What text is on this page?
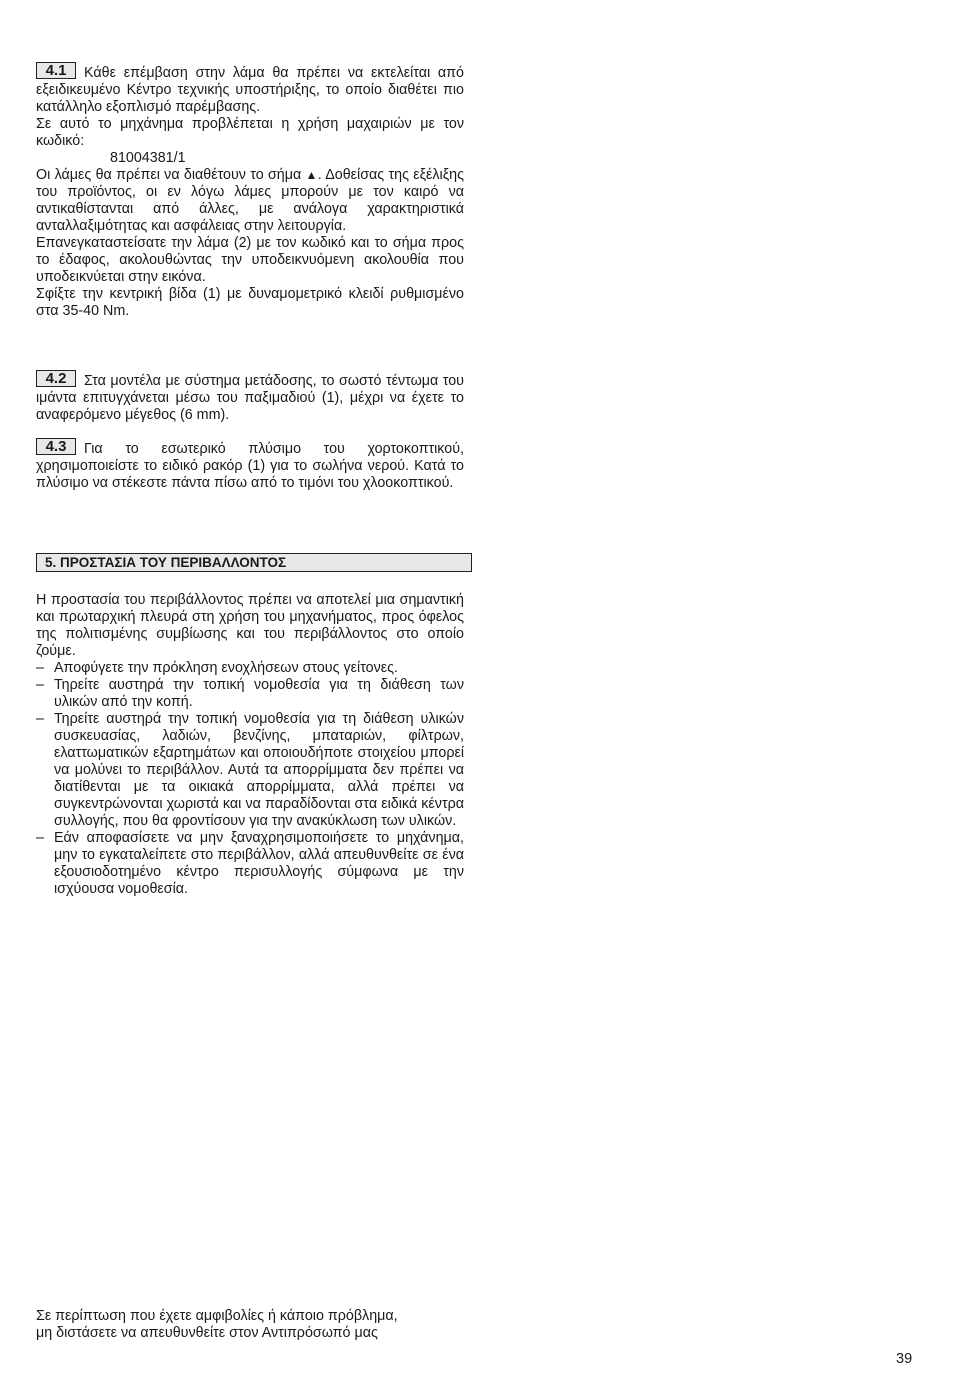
4.1 Κάθε επέμβαση στην λάμα θα πρέπει να εκτελείται από εξειδικευμένο Κέντρο τεχνικής υποστήριξης, το οποίο διαθέτει πιο κατάλληλο εξοπλισμό παρέμβασης.

Σε αυτό το μηχάνημα προβλέπεται η χρήση μαχαιριών με τον κωδικό:

81004381/1

Οι λάμες θα πρέπει να διαθέτουν το σήμα ▲. Δοθείσας της εξέλιξης του προϊόντος, οι εν λόγω λάμες μπορούν με τον καιρό να αντικαθίστανται από άλλες, με ανάλογα χαρακτηριστικά ανταλλαξιμότητας και ασφάλειας στην λειτουργία.

Επανεγκαταστείσατε την λάμα (2) με τον κωδικό και το σήμα προς το έδαφος, ακολουθώντας την υποδεικνυόμενη ακολουθία που υποδεικνύεται στην εικόνα.

Σφίξτε την κεντρική βίδα (1) με δυναμομετρικό κλειδί ρυθμισμένο στα 35-40 Nm.

4.2 Στα μοντέλα με σύστημα μετάδοσης, το σωστό τέντωμα του ιμάντα επιτυγχάνεται μέσω του παξιμαδιού (1), μέχρι να έχετε το αναφερόμενο μέγεθος (6 mm).

4.3 Για το εσωτερικό πλύσιμο του χορτοκοπτικού, χρησιμοποιείστε το ειδικό ρακόρ (1) για το σωλήνα νερού. Κατά το πλύσιμο να στέκεστε πάντα πίσω από το τιμόνι του χλοοκοπτικού.

5. ΠΡΟΣΤΑΣΙΑ ΤΟΥ ΠΕΡΙΒΑΛΛΟΝΤΟΣ

Η προστασία του περιβάλλοντος πρέπει να αποτελεί μια σημαντική και πρωταρχική πλευρά στη χρήση του μηχανήματος, προς όφελος της πολιτισμένης συμβίωσης και του περιβάλλοντος στο οποίο ζούμε.

– Αποφύγετε την πρόκληση ενοχλήσεων στους γείτονες.
– Τηρείτε αυστηρά την τοπική νομοθεσία για τη διάθεση των υλικών από την κοπή.
– Τηρείτε αυστηρά την τοπική νομοθεσία για τη διάθεση υλικών συσκευασίας, λαδιών, βενζίνης, μπαταριών, φίλτρων, ελαττωματικών εξαρτημάτων και οποιουδήποτε στοιχείου μπορεί να μολύνει το περιβάλλον. Αυτά τα απορρίμματα δεν πρέπει να διατίθενται με τα οικιακά απορρίμματα, αλλά πρέπει να συγκεντρώνονται χωριστά και να παραδίδονται στα ειδικά κέντρα συλλογής, που θα φροντίσουν για την ανακύκλωση των υλικών.
– Εάν αποφασίσετε να μην ξαναχρησιμοποιήσετε το μηχάνημα, μην το εγκαταλείπετε στο περιβάλλον, αλλά απευθυνθείτε σε ένα εξουσιοδοτημένο κέντρο περισυλλογής σύμφωνα με την ισχύουσα νομοθεσία.

Σε περίπτωση που έχετε αμφιβολίες ή κάποιο πρόβλημα,

μη διστάσετε να απευθυνθείτε στον Αντιπρόσωπό μας

39
